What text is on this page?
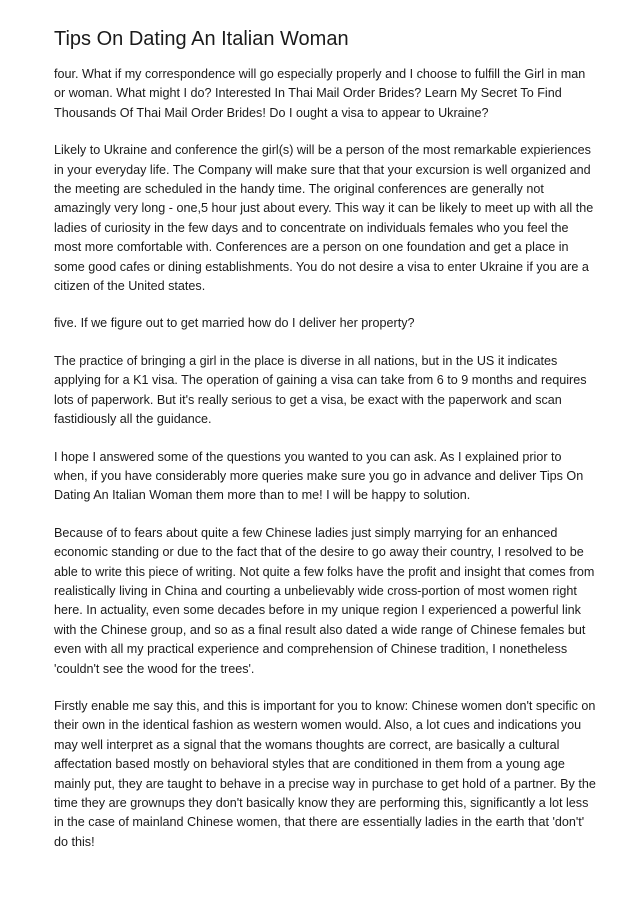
Tips On Dating An Italian Woman

four. What if my correspondence will go especially properly and I choose to fulfill the Girl in man or woman. What might I do? Interested In Thai Mail Order Brides? Learn My Secret To Find Thousands Of Thai Mail Order Brides! Do I ought a visa to appear to Ukraine?

Likely to Ukraine and conference the girl(s) will be a person of the most remarkable expieriences in your everyday life. The Company will make sure that that your excursion is well organized and the meeting are scheduled in the handy time. The original conferences are generally not amazingly very long - one,5 hour just about every. This way it can be likely to meet up with all the ladies of curiosity in the few days and to concentrate on individuals females who you feel the most more comfortable with. Conferences are a person on one foundation and get a place in some good cafes or dining establishments. You do not desire a visa to enter Ukraine if you are a citizen of the United states.

five. If we figure out to get married how do I deliver her property?

The practice of bringing a girl in the place is diverse in all nations, but in the US it indicates applying for a K1 visa. The operation of gaining a visa can take from 6 to 9 months and requires lots of paperwork. But it's really serious to get a visa, be exact with the paperwork and scan fastidiously all the guidance.

I hope I answered some of the questions you wanted to you can ask. As I explained prior to when, if you have considerably more queries make sure you go in advance and deliver Tips On Dating An Italian Woman them more than to me! I will be happy to solution.

Because of to fears about quite a few Chinese ladies just simply marrying for an enhanced economic standing or due to the fact that of the desire to go away their country, I resolved to be able to write this piece of writing. Not quite a few folks have the profit and insight that comes from realistically living in China and courting a unbelievably wide cross-portion of most women right here. In actuality, even some decades before in my unique region I experienced a powerful link with the Chinese group, and so as a final result also dated a wide range of Chinese females but even with all my practical experience and comprehension of Chinese tradition, I nonetheless 'couldn't see the wood for the trees'.

Firstly enable me say this, and this is important for you to know: Chinese women don't specific on their own in the identical fashion as western women would. Also, a lot cues and indications you may well interpret as a signal that the womans thoughts are correct, are basically a cultural affectation based mostly on behavioral styles that are conditioned in them from a young age mainly put, they are taught to behave in a precise way in purchase to get hold of a partner. By the time they are grownups they don't basically know they are performing this, significantly a lot less in the case of mainland Chinese women, that there are essentially ladies in the earth that 'don't' do this!
